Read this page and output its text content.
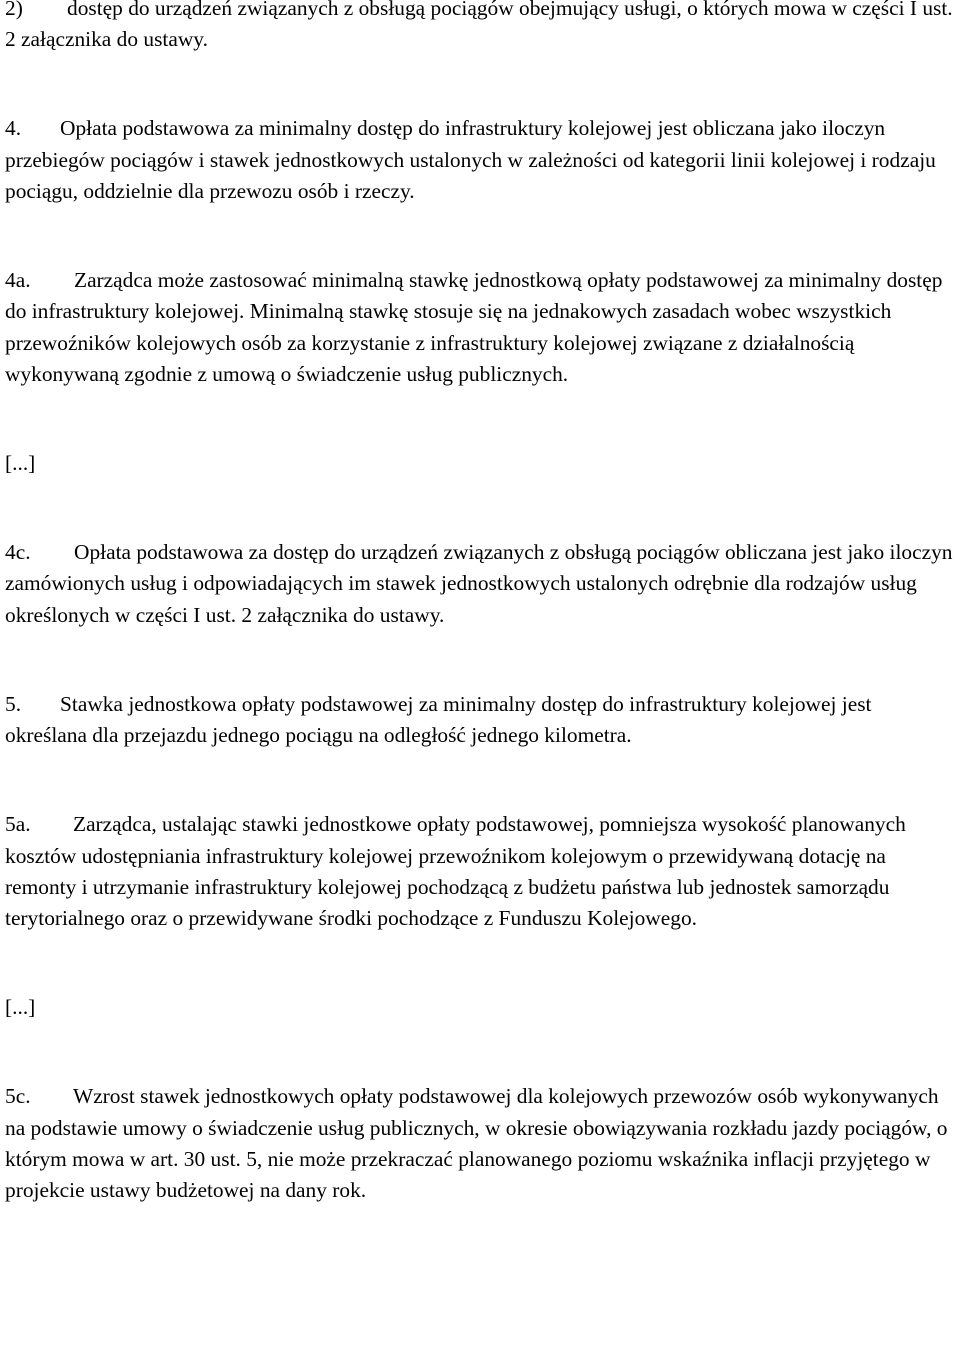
2) dostęp do urządzeń związanych z obsługą pociągów obejmujący usługi, o których mowa w części I ust. 2 załącznika do ustawy.

4. Opłata podstawowa za minimalny dostęp do infrastruktury kolejowej jest obliczana jako iloczyn przebiegów pociągów i stawek jednostkowych ustalonych w zależności od kategorii linii kolejowej i rodzaju pociągu, oddzielnie dla przewozu osób i rzeczy.

4a. Zarządca może zastosować minimalną stawkę jednostkową opłaty podstawowej za minimalny dostęp do infrastruktury kolejowej. Minimalną stawkę stosuje się na jednakowych zasadach wobec wszystkich przewoźników kolejowych osób za korzystanie z infrastruktury kolejowej związane z działalnością wykonywaną zgodnie z umową o świadczenie usług publicznych.

[...]

4c. Opłata podstawowa za dostęp do urządzeń związanych z obsługą pociągów obliczana jest jako iloczyn zamówionych usług i odpowiadających im stawek jednostkowych ustalonych odrębnie dla rodzajów usług określonych w części I ust. 2 załącznika do ustawy.

5. Stawka jednostkowa opłaty podstawowej za minimalny dostęp do infrastruktury kolejowej jest określana dla przejazdu jednego pociągu na odległość jednego kilometra.

5a. Zarządca, ustalając stawki jednostkowe opłaty podstawowej, pomniejsza wysokość planowanych kosztów udostępniania infrastruktury kolejowej przewoźnikom kolejowym o przewidywaną dotację na remonty i utrzymanie infrastruktury kolejowej pochodzącą z budżetu państwa lub jednostek samorządu terytorialnego oraz o przewidywane środki pochodzące z Funduszu Kolejowego.

[...]

5c. Wzrost stawek jednostkowych opłaty podstawowej dla kolejowych przewozów osób wykonywanych na podstawie umowy o świadczenie usług publicznych, w okresie obowiązywania rozkładu jazdy pociągów, o którym mowa w art. 30 ust. 5, nie może przekraczać planowanego poziomu wskaźnika inflacji przyjętego w projekcie ustawy budżetowej na dany rok.
